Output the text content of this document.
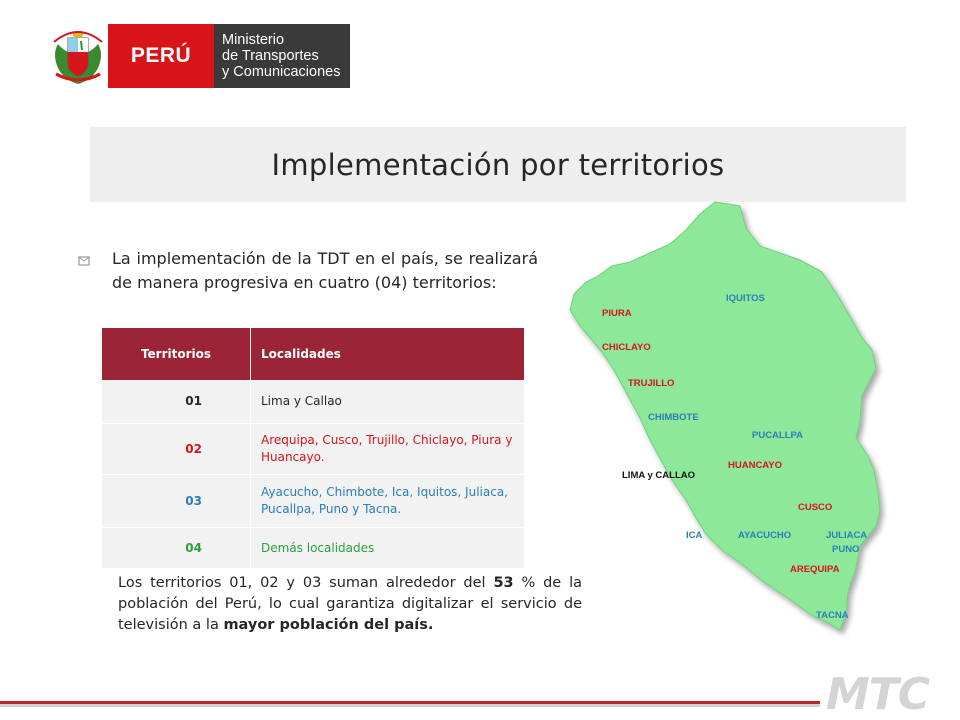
PERÚ
Ministerio
de Transportes
y Comunicaciones
Implementación por territorios

La implementación de la TDT en el país, se realizará de manera progresiva en cuatro (04) territorios:

Territorios	Localidades
01	Lima y Callao
02	Arequipa, Cusco, Trujillo, Chiclayo, Piura y Huancayo.
03	Ayacucho, Chimbote, Ica, Iquitos, Juliaca, Pucallpa, Puno y Tacna.
04	Demás localidades

Los territorios 01, 02 y 03 suman alrededor del 53 % de la población del Perú, lo cual garantiza digitalizar el servicio de televisión a la mayor población del país.

IQUITOS
PIURA
CHICLAYO
TRUJILLO
CHIMBOTE
PUCALLPA
LIMA y CALLAO
HUANCAYO
CUSCO
ICA	AYACUCHO	JULIACA
PUNO
AREQUIPA
TACNA
MTC
